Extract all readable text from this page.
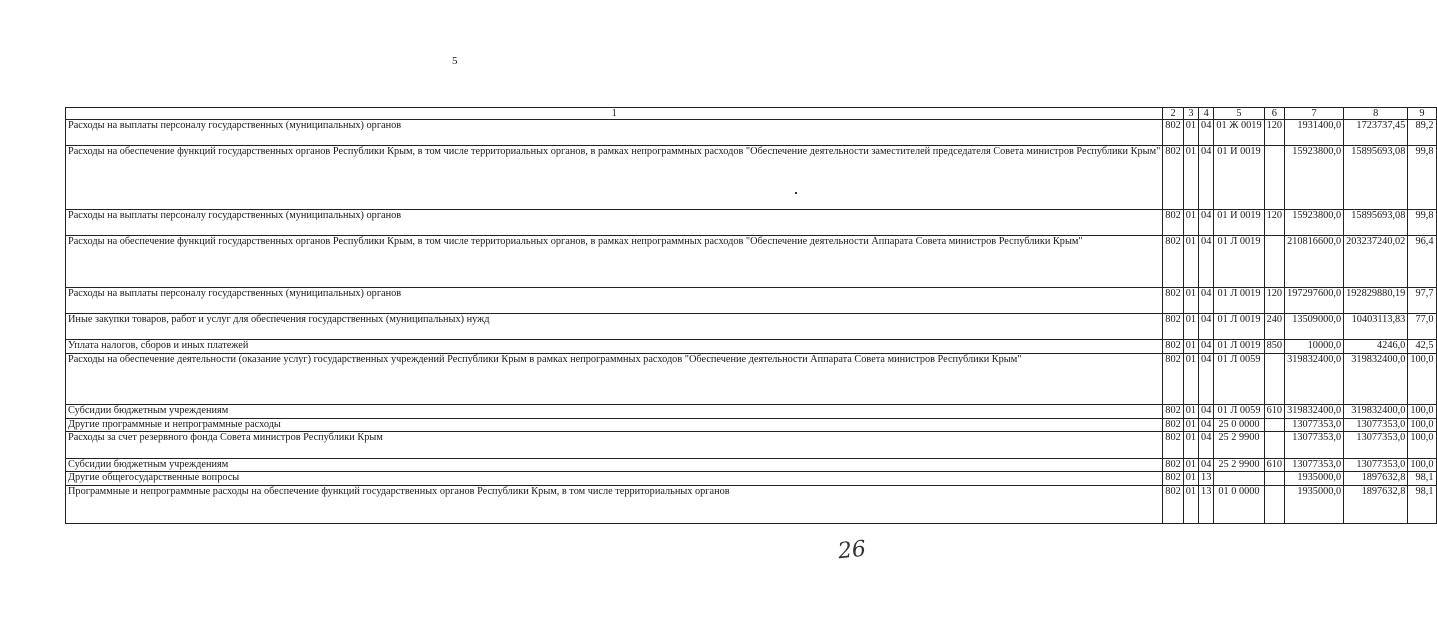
5
1	2	3	4	5	6	7	8	9
Расходы на выплаты персоналу государственных (муниципальных) органов	802	01	04	01 Ж 0019	120	1931400,0	1723737,45	89,2
Расходы на обеспечение функций государственных органов Республики Крым, в том числе территориальных органов, в рамках непрограммных расходов "Обеспечение деятельности заместителей председателя Совета министров Республики Крым"	802	01	04	01 И 0019		15923800,0	15895693,08	99,8
Расходы на выплаты персоналу государственных (муниципальных) органов	802	01	04	01 И 0019	120	15923800,0	15895693,08	99,8
Расходы на обеспечение функций государственных органов Республики Крым, в том числе территориальных органов, в рамках непрограммных расходов "Обеспечение деятельности Аппарата Совета министров Республики Крым"	802	01	04	01 Л 0019		210816600,0	203237240,02	96,4
Расходы на выплаты персоналу государственных (муниципальных) органов	802	01	04	01 Л 0019	120	197297600,0	192829880,19	97,7
Иные закупки товаров, работ и услуг для обеспечения государственных (муниципальных) нужд	802	01	04	01 Л 0019	240	13509000,0	10403113,83	77,0
Уплата налогов, сборов и иных платежей	802	01	04	01 Л 0019	850	10000,0	4246,0	42,5
Расходы на обеспечение деятельности (оказание услуг) государственных учреждений Республики Крым в рамках непрограммных расходов "Обеспечение деятельности Аппарата Совета министров Республики Крым"	802	01	04	01 Л 0059		319832400,0	319832400,0	100,0
Субсидии бюджетным учреждениям	802	01	04	01 Л 0059	610	319832400,0	319832400,0	100,0
Другие программные и непрограммные расходы	802	01	04	25 0 0000		13077353,0	13077353,0	100,0
Расходы за счет резервного фонда Совета министров Республики Крым	802	01	04	25 2 9900		13077353,0	13077353,0	100,0
Субсидии бюджетным учреждениям	802	01	04	25 2 9900	610	13077353,0	13077353,0	100,0
Другие общегосударственные вопросы	802	01	13			1935000,0	1897632,8	98,1
Программные и непрограммные расходы на обеспечение функций государственных органов Республики Крым, в том числе территориальных органов	802	01	13	01 0 0000		1935000,0	1897632,8	98,1
26
